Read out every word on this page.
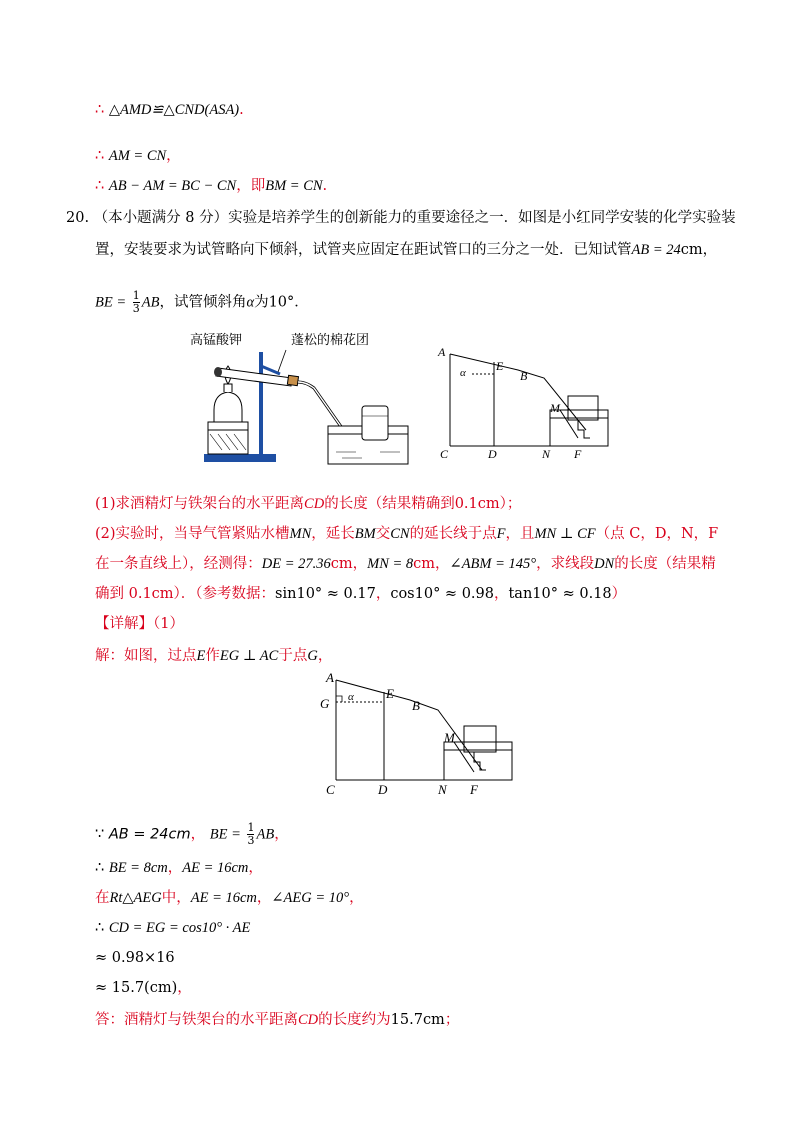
∴ △AMD≌△CND(ASA).
∴ AM = CN，
∴ AB − AM = BC − CN，即BM = CN.
20. （本小题满分 8 分）实验是培养学生的创新能力的重要途径之一．如图是小红同学安装的化学实验装
置，安装要求为试管略向下倾斜，试管夹应固定在距试管口的三分之一处．已知试管AB = 24cm，
BE = $\frac{1}{3}$ AB，试管倾斜角α为10°．
高锰酸钾	蓬松的棉花团
A
α	E
B
M
C	D	N F
(1)求酒精灯与铁架台的水平距离CD的长度（结果精确到0.1cm）；
(2)实验时，当导气管紧贴水槽MN，延长BM交CN的延长线于点F，且MN ⊥ CF（点 C，D，N，F
在一条直线上），经测得：DE = 27.36cm，MN = 8cm，∠ABM = 145°，求线段DN的长度（结果精
确到 0.1cm）．（参考数据：sin10° ≈ 0.17，cos10° ≈ 0.98，tan10° ≈ 0.18）
【详解】（1）
解：如图，过点E作EG ⊥ AC于点G，
A
G α E
B
M
C	D	N F
∵ AB = 24cm， BE = $\frac{1}{3}$ AB，
∴ BE = 8cm，AE = 16cm，
在Rt△AEG中，AE = 16cm，∠AEG = 10°，
∴ CD = EG = cos10° · AE
≈ 0.98×16
≈ 15.7(cm)，
答：酒精灯与铁架台的水平距离CD的长度约为15.7cm；
